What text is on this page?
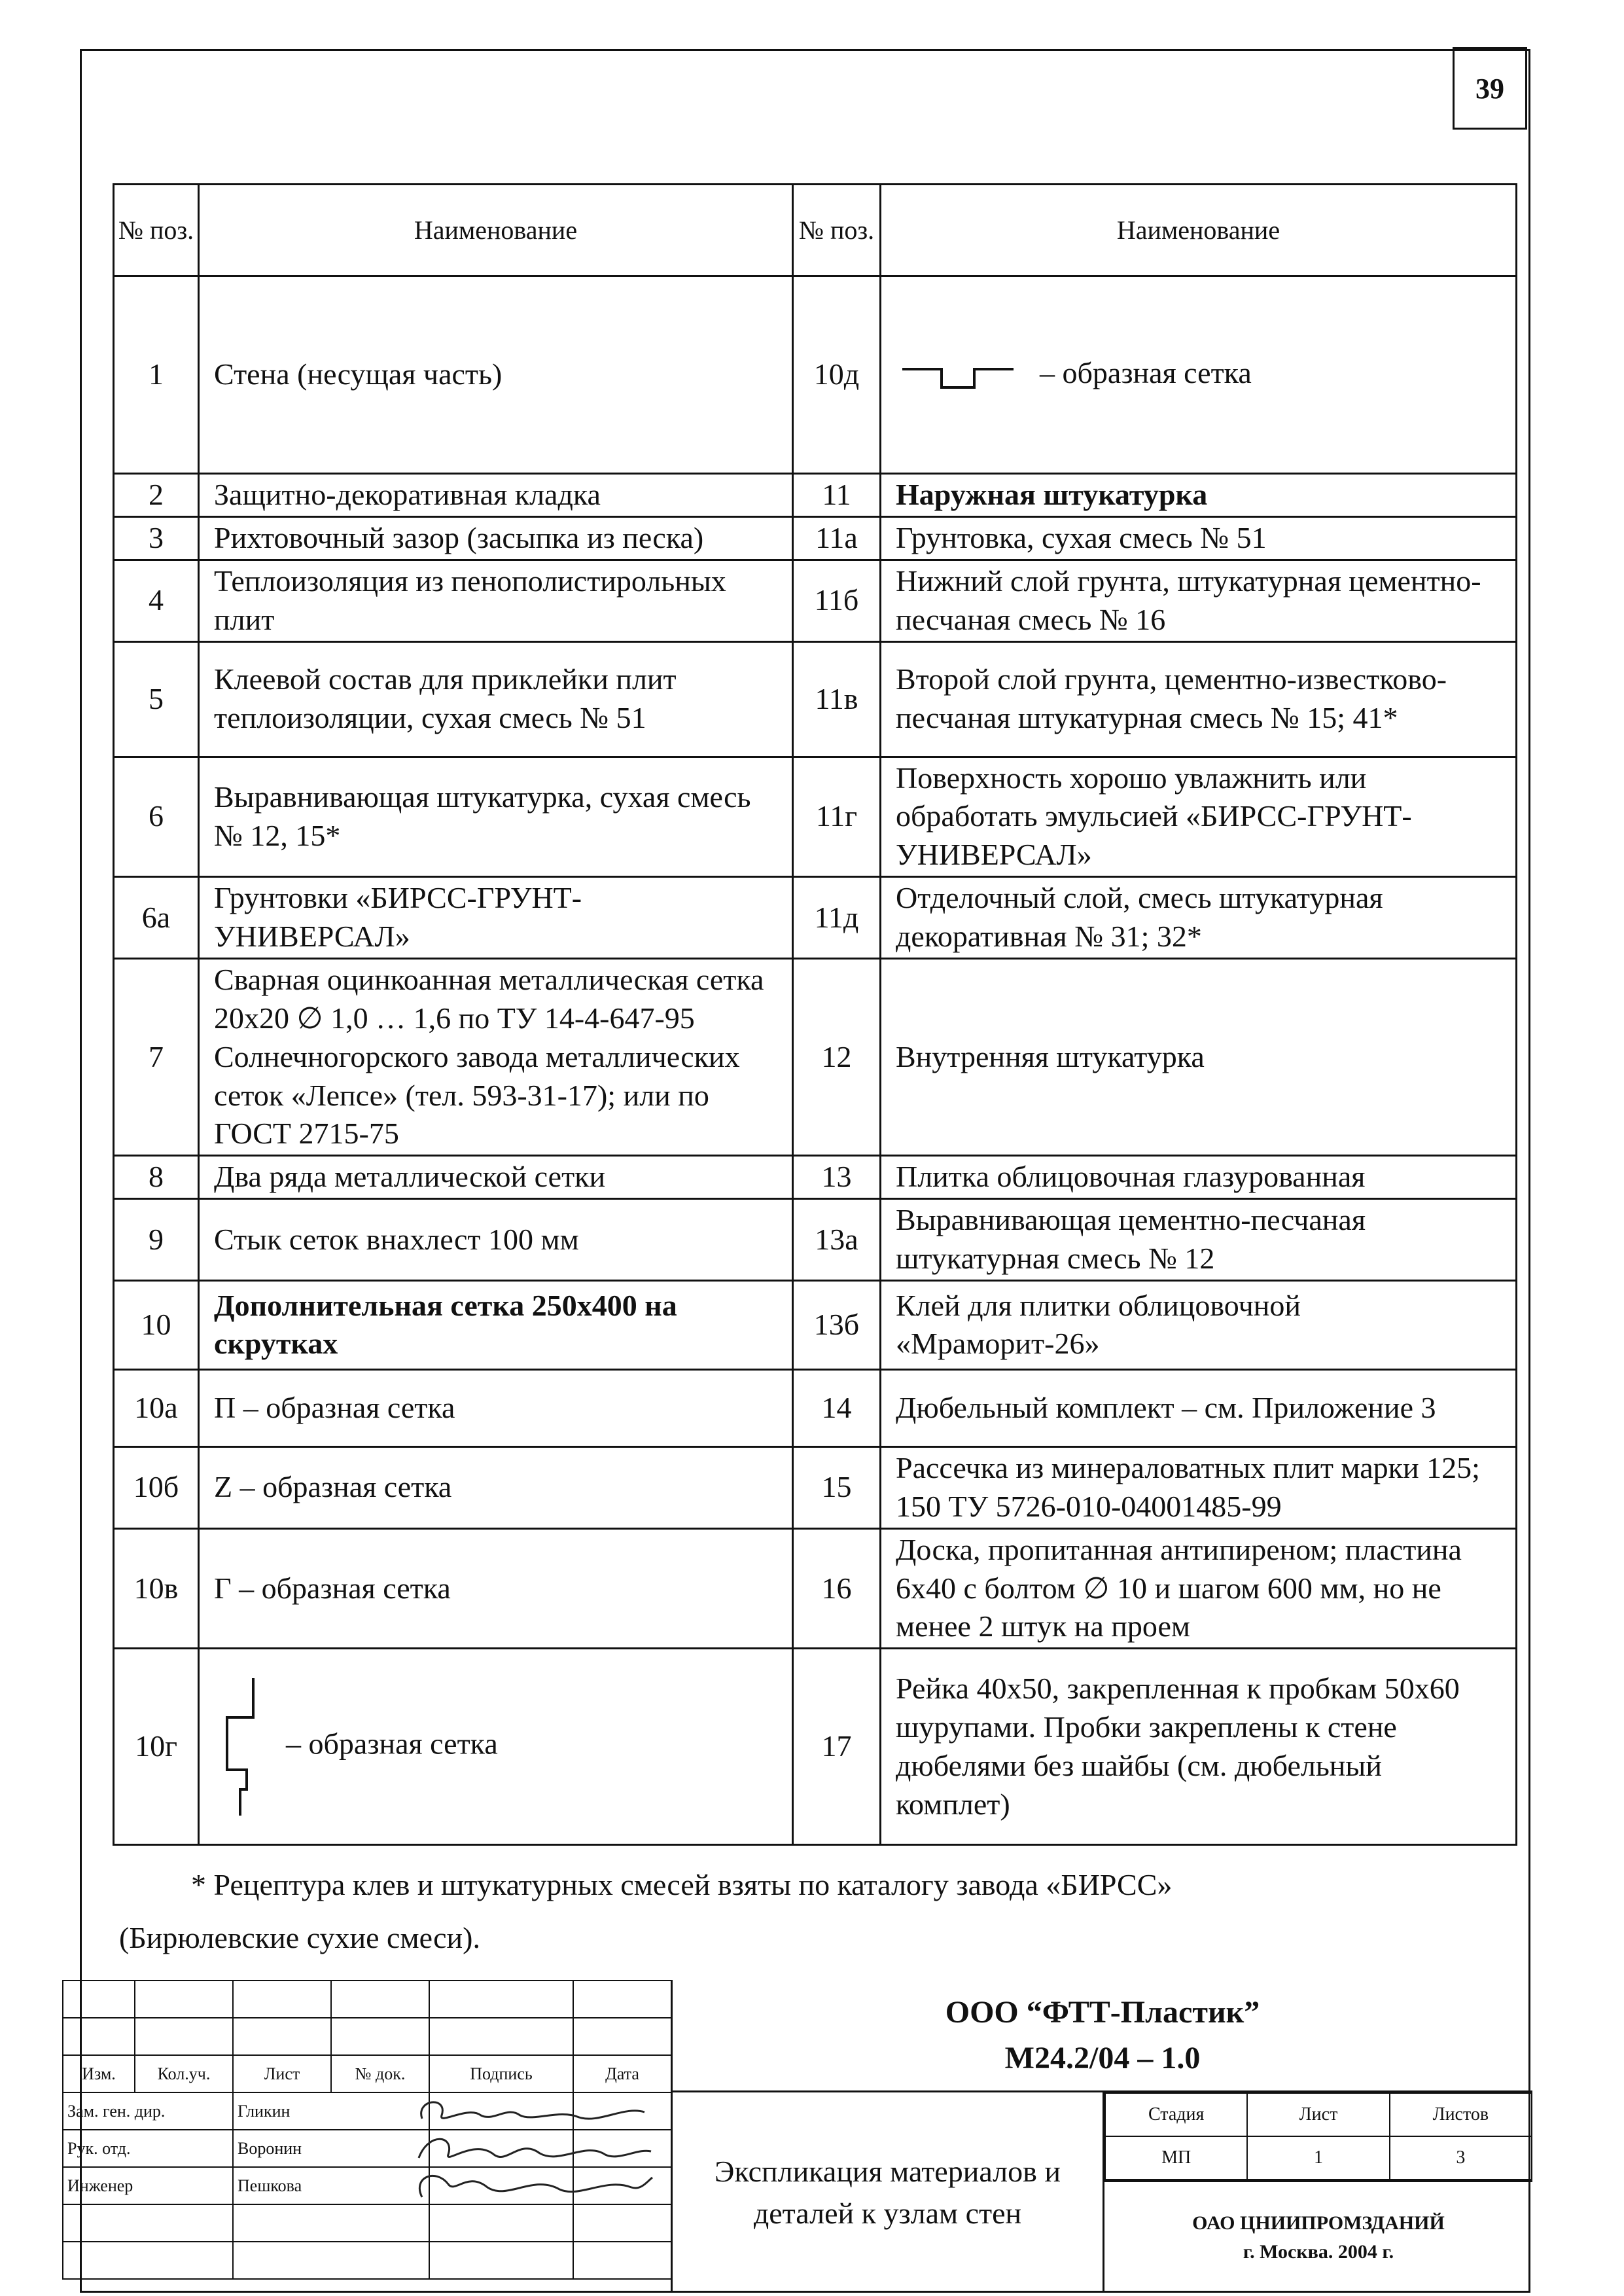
39
№ поз.	Наименование	№ поз.	Наименование
1	Стена (несущая часть)	10д	– образная сетка
2	Защитно-декоративная кладка	11	Наружная штукатурка
3	Рихтовочный зазор (засыпка из песка)	11а	Грунтовка, сухая смесь № 51
4	Теплоизоляция из пенополистирольных плит	11б	Нижний слой грунта, штукатурная цементно-песчаная смесь № 16
5	Клеевой состав для приклейки плит теплоизоляции, сухая смесь № 51	11в	Второй слой грунта, цементно-известково-песчаная штукатурная смесь № 15; 41*
6	Выравнивающая штукатурка, сухая смесь № 12, 15*	11г	Поверхность хорошо увлажнить или обработать эмульсией «БИРСС-ГРУНТ-УНИВЕРСАЛ»
6а	Грунтовки «БИРСС-ГРУНТ-УНИВЕРСАЛ»	11д	Отделочный слой, смесь штукатурная декоративная № 31; 32*
7	Сварная оцинкоанная металлическая сетка 20х20 ∅ 1,0 … 1,6 по ТУ 14-4-647-95 Солнечногорского завода металлических сеток «Лепсе» (тел. 593-31-17); или по ГОСТ 2715-75	12	Внутренняя штукатурка
8	Два ряда металлической сетки	13	Плитка облицовочная глазурованная
9	Стык сеток внахлест 100 мм	13а	Выравнивающая цементно-песчаная штукатурная смесь № 12
10	Дополнительная сетка 250х400 на скрутках	13б	Клей для плитки облицовочной «Мраморит-26»
10а	П – образная сетка	14	Дюбельный комплект – см. Приложение 3
10б	Z – образная сетка	15	Рассечка из минераловатных плит марки 125; 150 ТУ 5726-010-04001485-99
10в	Г – образная сетка	16	Доска, пропитанная антипиреном; пластина 6х40 с болтом ∅ 10 и шагом 600 мм, но не менее 2 штук на проем
10г	– образная сетка	17	Рейка 40х50, закрепленная к пробкам 50х60 шурупами. Пробки закреплены к стене дюбелями без шайбы (см. дюбельный комплет)
* Рецептура клев и штукатурных смесей взяты по каталогу завода «БИРСС»
(Бирюлевские сухие смеси).

Изм.	Кол.уч.	Лист	№ док.	Подпись	Дата
Зам. ген. дир.		Гликин			
Рук. отд.		Воронин			
Инженер		Пешкова			

ООО “ФТТ-Пластик”
М24.2/04 – 1.0
Экспликация материалов и
деталей к узлам стен
Стадия	Лист	Листов
МП	1	3
ОАО ЦНИИПРОМЗДАНИЙ
г. Москва. 2004 г.
